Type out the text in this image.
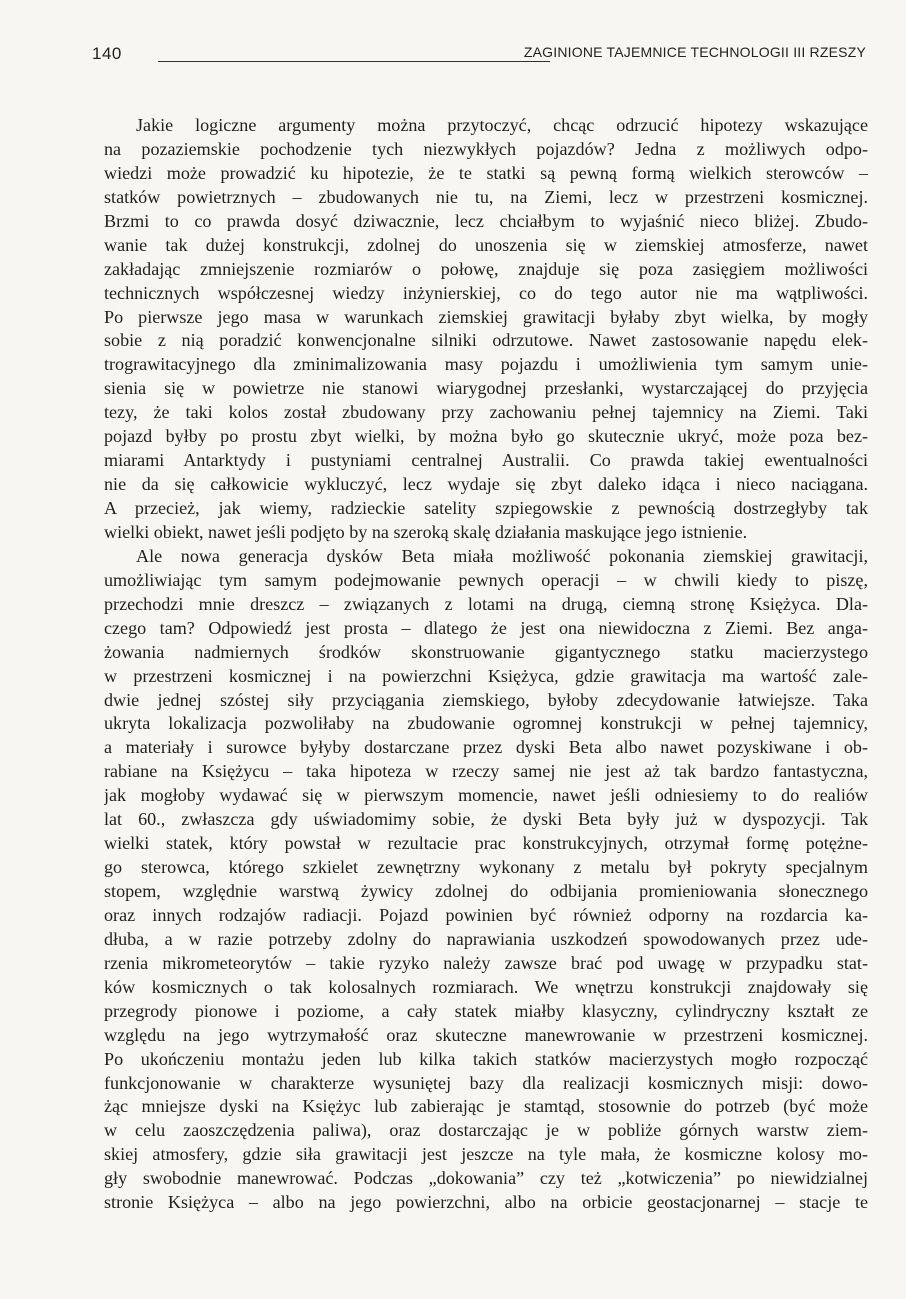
140	ZAGINIONE TAJEMNICE TECHNOLOGII III RZESZY
Jakie logiczne argumenty można przytoczyć, chcąc odrzucić hipotezy wskazujące
na pozaziemskie pochodzenie tych niezwykłych pojazdów? Jedna z możliwych odpo-
wiedzi może prowadzić ku hipotezie, że te statki są pewną formą wielkich sterowców –
statków powietrznych – zbudowanych nie tu, na Ziemi, lecz w przestrzeni kosmicznej.
Brzmi to co prawda dosyć dziwacznie, lecz chciałbym to wyjaśnić nieco bliżej. Zbudo-
wanie tak dużej konstrukcji, zdolnej do unoszenia się w ziemskiej atmosferze, nawet
zakładając zmniejszenie rozmiarów o połowę, znajduje się poza zasięgiem możliwości
technicznych współczesnej wiedzy inżynierskiej, co do tego autor nie ma wątpliwości.
Po pierwsze jego masa w warunkach ziemskiej grawitacji byłaby zbyt wielka, by mogły
sobie z nią poradzić konwencjonalne silniki odrzutowe. Nawet zastosowanie napędu elek-
trograwitacyjnego dla zminimalizowania masy pojazdu i umożliwienia tym samym unie-
sienia się w powietrze nie stanowi wiarygodnej przesłanki, wystarczającej do przyjęcia
tezy, że taki kolos został zbudowany przy zachowaniu pełnej tajemnicy na Ziemi. Taki
pojazd byłby po prostu zbyt wielki, by można było go skutecznie ukryć, może poza bez-
miarami Antarktydy i pustyniami centralnej Australii. Co prawda takiej ewentualności
nie da się całkowicie wykluczyć, lecz wydaje się zbyt daleko idąca i nieco naciągana.
A przecież, jak wiemy, radzieckie satelity szpiegowskie z pewnością dostrzegłyby tak
wielki obiekt, nawet jeśli podjęto by na szeroką skalę działania maskujące jego istnienie.
Ale nowa generacja dysków Beta miała możliwość pokonania ziemskiej grawitacji,
umożliwiając tym samym podejmowanie pewnych operacji – w chwili kiedy to piszę,
przechodzi mnie dreszcz – związanych z lotami na drugą, ciemną stronę Księżyca. Dla-
czego tam? Odpowiedź jest prosta – dlatego że jest ona niewidoczna z Ziemi. Bez anga-
żowania nadmiernych środków skonstruowanie gigantycznego statku macierzystego
w przestrzeni kosmicznej i na powierzchni Księżyca, gdzie grawitacja ma wartość zale-
dwie jednej szóstej siły przyciągania ziemskiego, byłoby zdecydowanie łatwiejsze. Taka
ukryta lokalizacja pozwoliłaby na zbudowanie ogromnej konstrukcji w pełnej tajemnicy,
a materiały i surowce byłyby dostarczane przez dyski Beta albo nawet pozyskiwane i ob-
rabiane na Księżycu – taka hipoteza w rzeczy samej nie jest aż tak bardzo fantastyczna,
jak mogłoby wydawać się w pierwszym momencie, nawet jeśli odniesiemy to do realiów
lat 60., zwłaszcza gdy uświadomimy sobie, że dyski Beta były już w dyspozycji. Tak
wielki statek, który powstał w rezultacie prac konstrukcyjnych, otrzymał formę potężne-
go sterowca, którego szkielet zewnętrzny wykonany z metalu był pokryty specjalnym
stopem, względnie warstwą żywicy zdolnej do odbijania promieniowania słonecznego
oraz innych rodzajów radiacji. Pojazd powinien być również odporny na rozdarcia ka-
dłuba, a w razie potrzeby zdolny do naprawiania uszkodzeń spowodowanych przez ude-
rzenia mikrometeorytów – takie ryzyko należy zawsze brać pod uwagę w przypadku stat-
ków kosmicznych o tak kolosalnych rozmiarach. We wnętrzu konstrukcji znajdowały się
przegrody pionowe i poziome, a cały statek miałby klasyczny, cylindryczny kształt ze
względu na jego wytrzymałość oraz skuteczne manewrowanie w przestrzeni kosmicznej.
Po ukończeniu montażu jeden lub kilka takich statków macierzystych mogło rozpocząć
funkcjonowanie w charakterze wysuniętej bazy dla realizacji kosmicznych misji: dowo-
żąc mniejsze dyski na Księżyc lub zabierając je stamtąd, stosownie do potrzeb (być może
w celu zaoszczędzenia paliwa), oraz dostarczając je w pobliże górnych warstw ziem-
skiej atmosfery, gdzie siła grawitacji jest jeszcze na tyle mała, że kosmiczne kolosy mo-
gły swobodnie manewrować. Podczas „dokowania” czy też „kotwiczenia” po niewidzialnej
stronie Księżyca – albo na jego powierzchni, albo na orbicie geostacjonarnej – stacje te
